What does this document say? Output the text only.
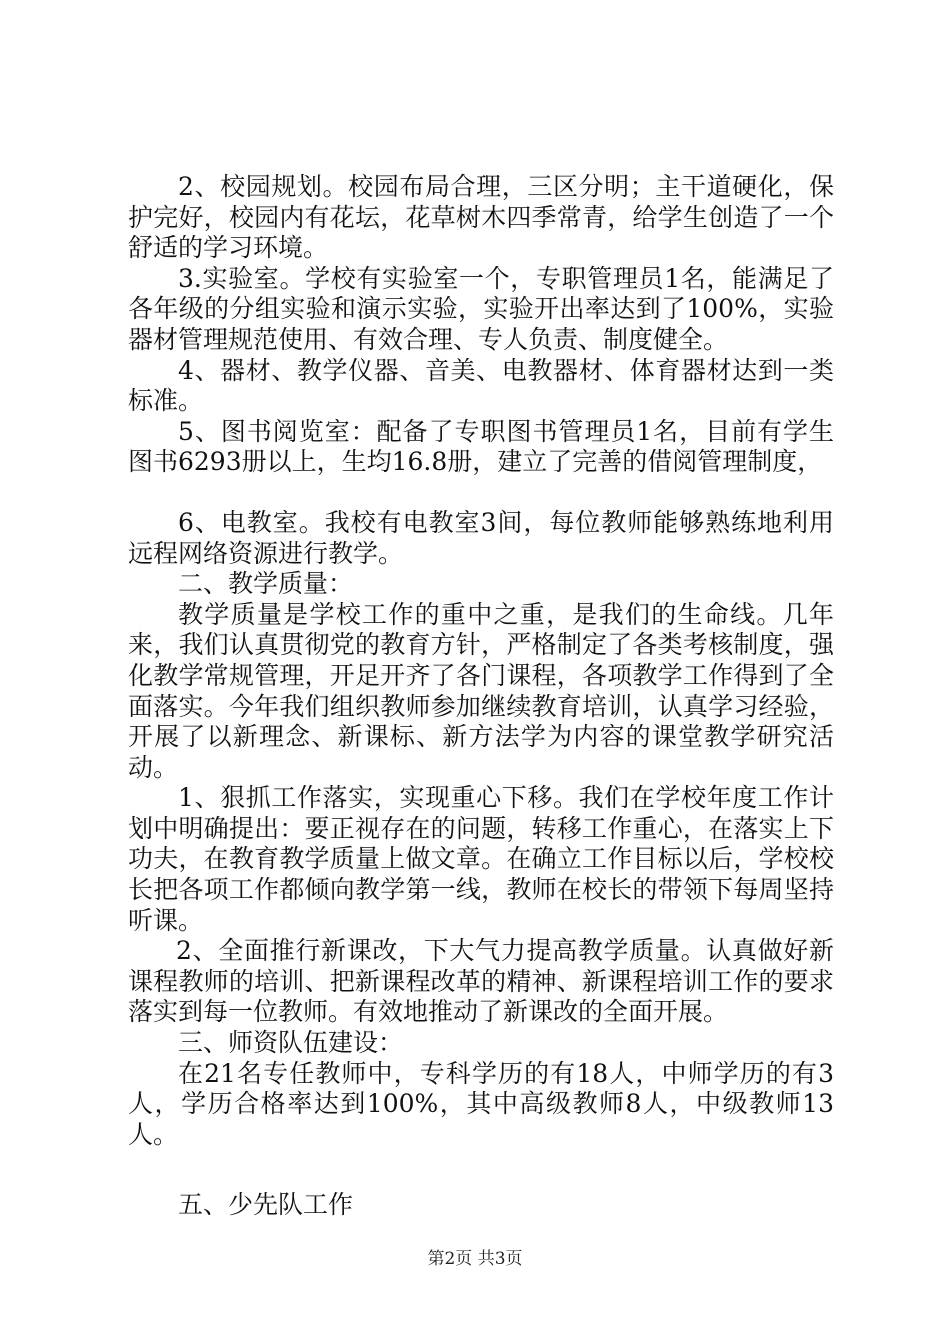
2、校园规划。校园布局合理，三区分明；主干道硬化，保护完好，校园内有花坛，花草树木四季常青，给学生创造了一个舒适的学习环境。

3.实验室。学校有实验室一个，专职管理员1名，能满足了各年级的分组实验和演示实验，实验开出率达到了100%，实验器材管理规范使用、有效合理、专人负责、制度健全。

4、器材、教学仪器、音美、电教器材、体育器材达到一类标准。

5、图书阅览室：配备了专职图书管理员1名，目前有学生图书6293册以上，生均16.8册，建立了完善的借阅管理制度，

6、电教室。我校有电教室3间，每位教师能够熟练地利用远程网络资源进行教学。

二、教学质量：

教学质量是学校工作的重中之重，是我们的生命线。几年来，我们认真贯彻党的教育方针，严格制定了各类考核制度，强化教学常规管理，开足开齐了各门课程，各项教学工作得到了全面落实。今年我们组织教师参加继续教育培训，认真学习经验，开展了以新理念、新课标、新方法学为内容的课堂教学研究活动。

1、狠抓工作落实，实现重心下移。我们在学校年度工作计划中明确提出：要正视存在的问题，转移工作重心，在落实上下功夫，在教育教学质量上做文章。在确立工作目标以后，学校校长把各项工作都倾向教学第一线，教师在校长的带领下每周坚持听课。

2、全面推行新课改，下大气力提高教学质量。认真做好新课程教师的培训、把新课程改革的精神、新课程培训工作的要求落实到每一位教师。有效地推动了新课改的全面开展。

三、师资队伍建设：

在21名专任教师中，专科学历的有18人，中师学历的有3人，学历合格率达到100%，其中高级教师8人，中级教师13人。

五、少先队工作

第2页 共3页
